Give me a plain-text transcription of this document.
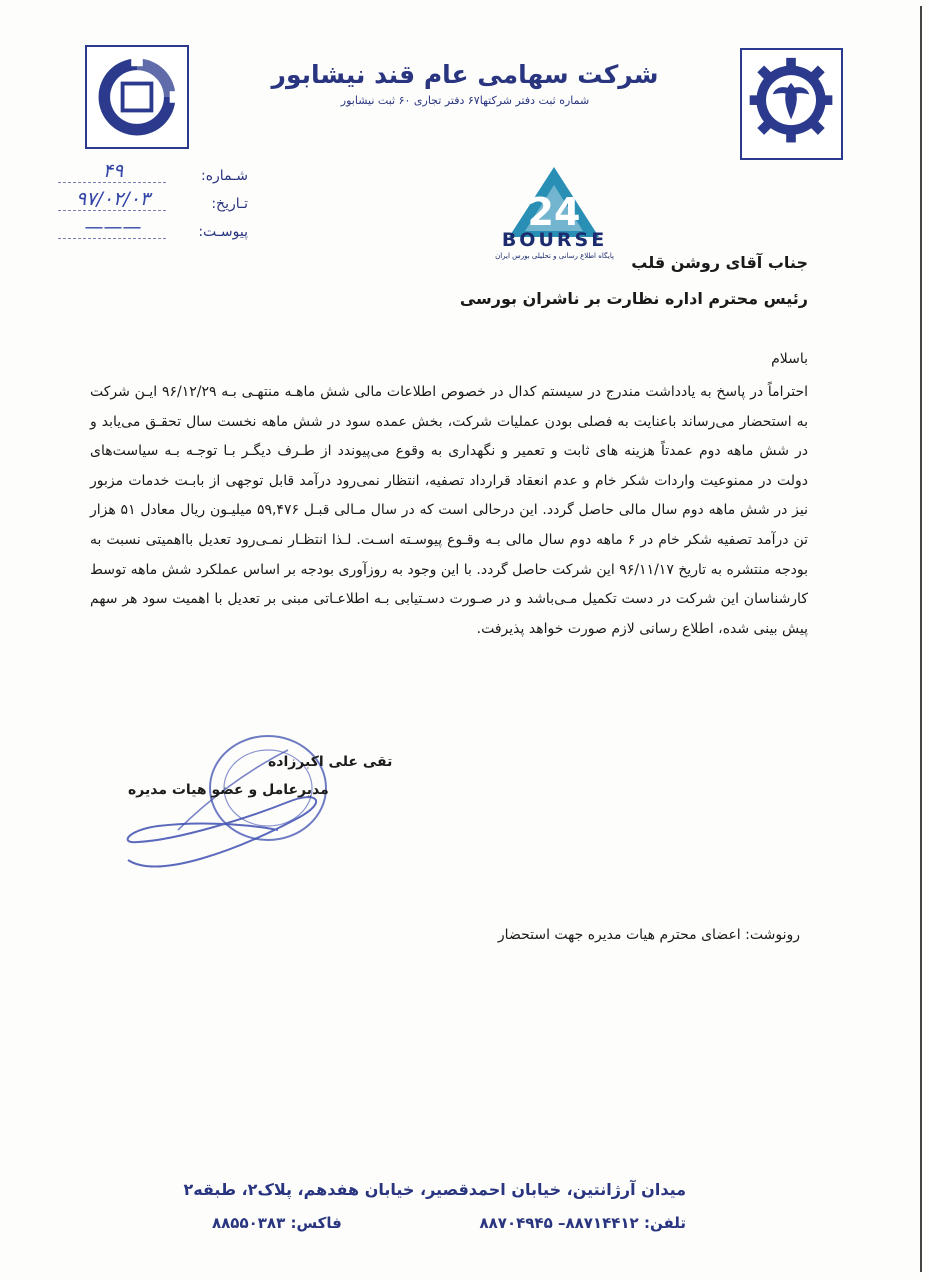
شرکت سهامی عام قند نیشابور
شماره ثبت دفتر شرکتها۶۷ دفتر تجاری ۶۰ ثبت نیشابور
شـماره:
۴۹
تـاریخ:
۹۷/۰۲/۰۳
پیوسـت:
———	24
BOURSE
پایگاه اطلاع رسانی و تحلیلی بورس ایران	جناب آقای روشن قلب
رئیس محترم اداره نظارت بر ناشران بورسی
باسلام

احتراماً در پاسخ به یادداشت مندرج در سیستم کدال در خصوص اطلاعات مالی شش ماهـه منتهـی بـه ۹۶/۱۲/۲۹ ایـن شرکت به استحضار می‌رساند باعنایت به فصلی بودن عملیات شرکت، بخش عمده سود در شش ماهه نخست سال تحقـق می‌یابد و در شش ماهه دوم عمدتاً هزینه های ثابت و تعمیر و نگهداری به وقوع می‌پیوندد از طـرف دیگـر بـا توجـه بـه سیاست‌های دولت در ممنوعیت واردات شکر خام و عدم انعقاد قرارداد تصفیه، انتظار نمی‌رود درآمد قابل توجهی از بابـت خدمات مزبور نیز در شش ماهه دوم سال مالی حاصل گردد. این درحالی است که در سال مـالی قبـل ۵۹,۴۷۶ میلیـون ریال معادل ۵۱ هزار تن درآمد تصفیه شکر خام در ۶ ماهه دوم سال مالی بـه وقـوع پیوسـته اسـت. لـذا انتظـار نمـی‌رود تعدیل بااهمیتی نسبت به بودجه منتشره به تاریخ ۹۶/۱۱/۱۷ این شرکت حاصل گردد. با این وجود به روزآوری بودجه بر اساس عملکرد شش ماهه توسط کارشناسان این شرکت در دست تکمیل مـی‌باشد و در صـورت دسـتیابی بـه اطلاعـاتی مبنی بر تعدیل با اهمیت سود هر سهم پیش بینی شده، اطلاع رسانی لازم صورت خواهد پذیرفت.

تقی علی اکبرزاده
مدیرعامل و عضو هیات مدیره
رونوشت: اعضای محترم هیات مدیره جهت استحضار
میدان آرژانتین، خیابان احمدقصیر، خیابان هفدهم، پلاک۲، طبقه۲
تلفن: ۸۸۷۱۴۴۱۲– ۸۸۷۰۴۹۴۵
فاکس: ۸۸۵۵۰۳۸۳
